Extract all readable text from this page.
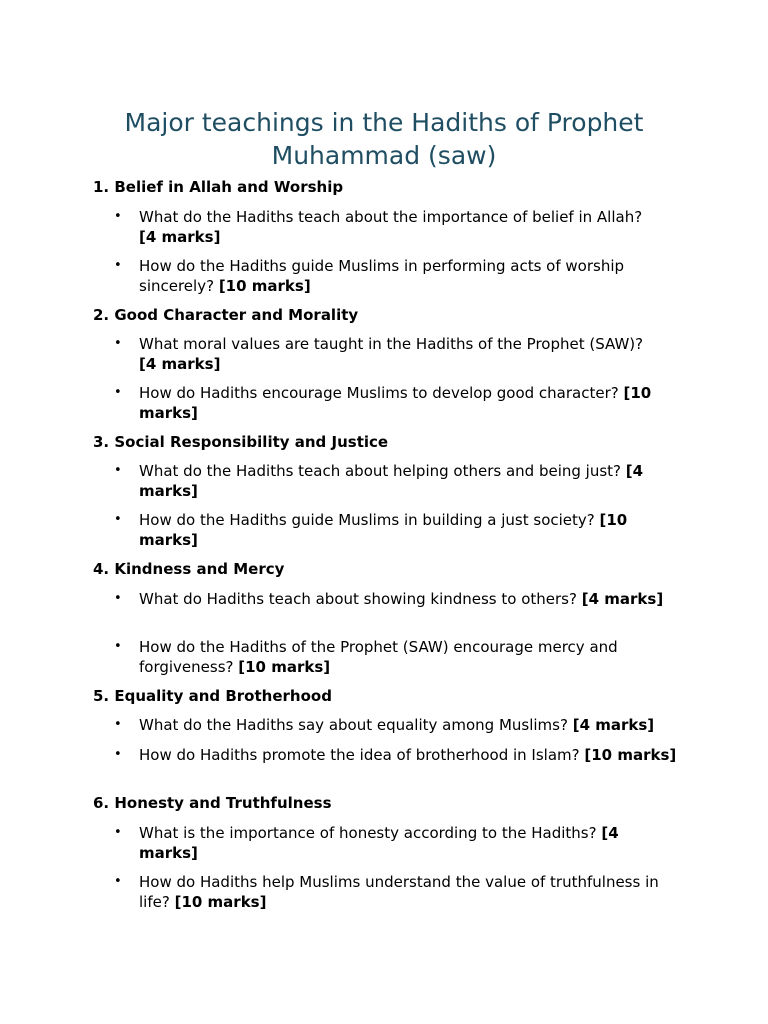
Major teachings in the Hadiths of Prophet Muhammad (saw)

1. Belief in Allah and Worship

• What do the Hadiths teach about the importance of belief in Allah?
[4 marks]

• How do the Hadiths guide Muslims in performing acts of worship sincerely? [10 marks]

2. Good Character and Morality

• What moral values are taught in the Hadiths of the Prophet (SAW)?
[4 marks]

• How do Hadiths encourage Muslims to develop good character? [10 marks]

3. Social Responsibility and Justice

• What do the Hadiths teach about helping others and being just? [4 marks]

• How do the Hadiths guide Muslims in building a just society? [10 marks]

4. Kindness and Mercy

• What do Hadiths teach about showing kindness to others? [4 marks]

• How do the Hadiths of the Prophet (SAW) encourage mercy and forgiveness? [10 marks]

5. Equality and Brotherhood

• What do the Hadiths say about equality among Muslims? [4 marks]

• How do Hadiths promote the idea of brotherhood in Islam? [10 marks]

6. Honesty and Truthfulness

• What is the importance of honesty according to the Hadiths? [4 marks]

• How do Hadiths help Muslims understand the value of truthfulness in life? [10 marks]
